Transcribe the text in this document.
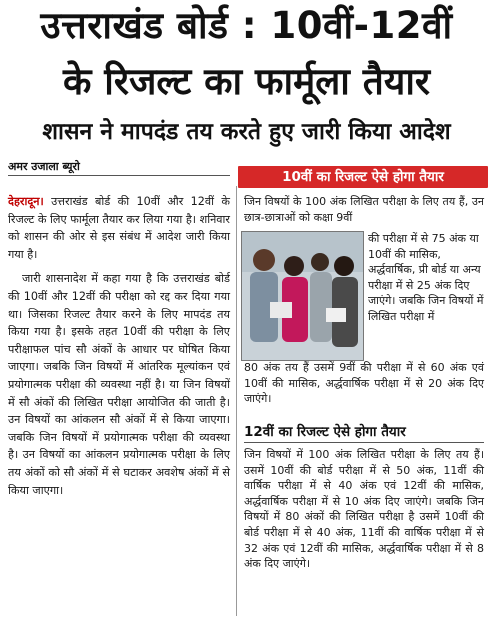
उत्तराखंड बोर्ड : 10वीं-12वीं
के रिजल्ट का फार्मूला तैयार
शासन ने मापदंड तय करते हुए जारी किया आदेश
अमर उजाला ब्यूरो

देहरादून। उत्तराखंड बोर्ड की 10वीं और 12वीं के रिजल्ट के लिए फार्मूला तैयार कर लिया गया है। शनिवार को शासन की ओर से इस संबंध में आदेश जारी किया गया है।

जारी शासनादेश में कहा गया है कि उत्तराखंड बोर्ड की 10वीं और 12वीं की परीक्षा को रद्द कर दिया गया था। जिसका रिजल्ट तैयार करने के लिए मापदंड तय किया गया है। इसके तहत 10वीं की परीक्षा के लिए परीक्षाफल पांच सौ अंकों के आधार पर घोषित किया जाएगा। जबकि जिन विषयों में आंतरिक मूल्यांकन एवं प्रयोगात्मक परीक्षा की व्यवस्था नहीं है। या जिन विषयों में सौ अंकों की लिखित परीक्षा आयोजित की जाती है। उन विषयों का आंकलन सौ अंकों में से किया जाएगा। जबकि जिन विषयों में प्रयोगात्मक परीक्षा की व्यवस्था है। उन विषयों का आंकलन प्रयोगात्मक परीक्षा के लिए तय अंकों को सौ अंकों में से घटाकर अवशेष अंकों में से किया जाएगा।

10वीं का रिजल्ट ऐसे होगा तैयार
जिन विषयों के 100 अंक लिखित परीक्षा के लिए तय हैं, उन छात्र-छात्राओं को कक्षा 9वीं
की परीक्षा में से 75 अंक या 10वीं की मासिक, अर्द्धवार्षिक, प्री बोर्ड या अन्य परीक्षा में से 25 अंक दिए जाएंगे। जबकि जिन विषयों में लिखित परीक्षा में
80 अंक तय हैं उसमें 9वीं की परीक्षा में से 60 अंक एवं 10वीं की मासिक, अर्द्धवार्षिक परीक्षा में से 20 अंक दिए जाएंगे।
12वीं का रिजल्ट ऐसे होगा तैयार
जिन विषयों में 100 अंक लिखित परीक्षा के लिए तय हैं। उसमें 10वीं की बोर्ड परीक्षा में से 50 अंक, 11वीं की वार्षिक परीक्षा में से 40 अंक एवं 12वीं की मासिक, अर्द्धवार्षिक परीक्षा में से 10 अंक दिए जाएंगे। जबकि जिन विषयों में 80 अंकों की लिखित परीक्षा है उसमें 10वीं की बोर्ड परीक्षा में से 40 अंक, 11वीं की वार्षिक परीक्षा में से 32 अंक एवं 12वीं की मासिक, अर्द्धवार्षिक परीक्षा में से 8 अंक दिए जाएंगे।
